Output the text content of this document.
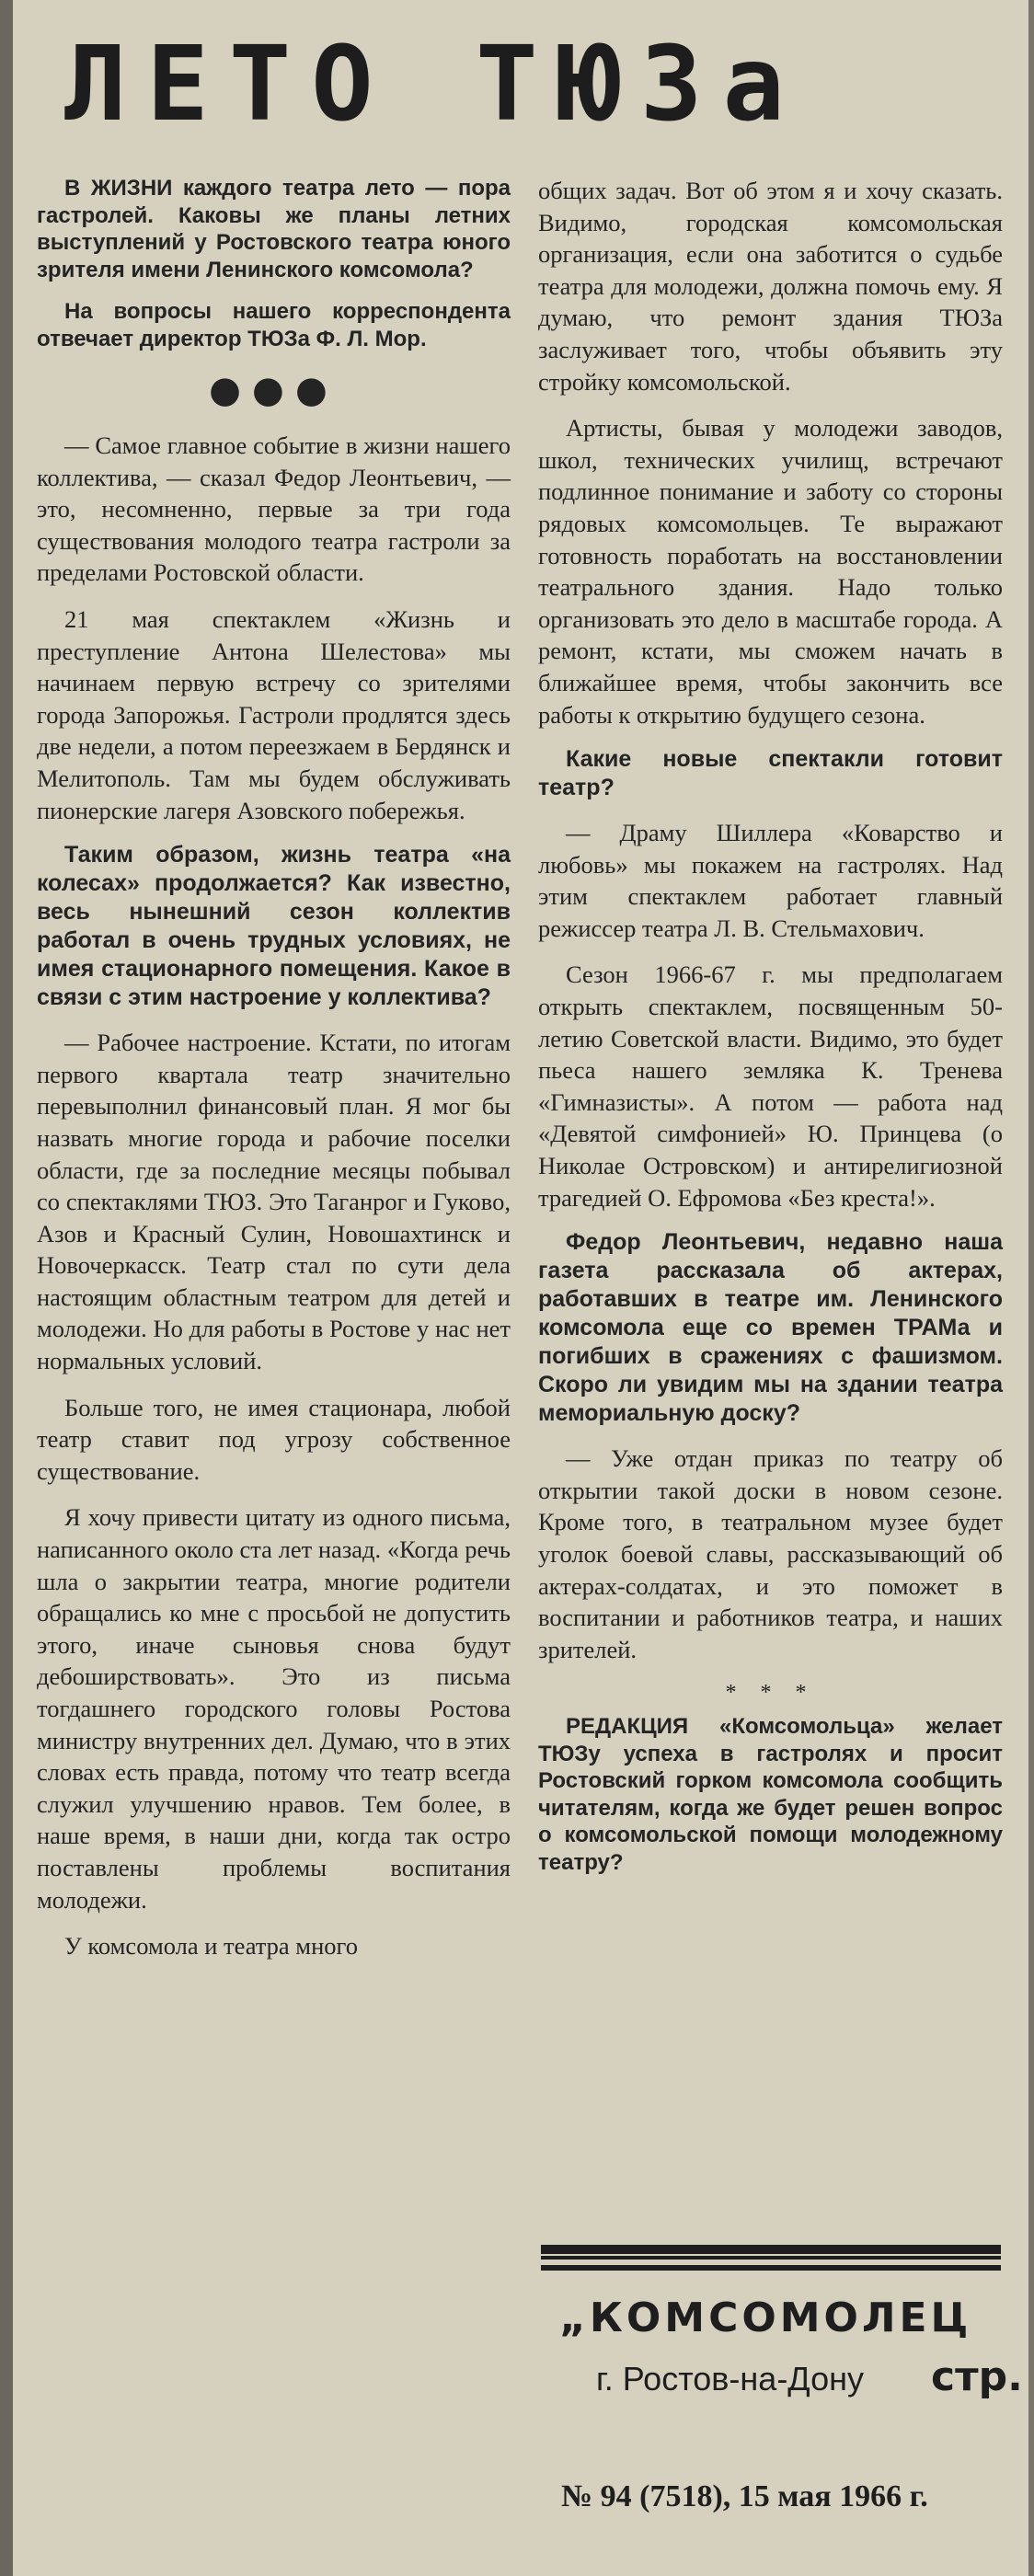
ЛЕТО ТЮЗа

В ЖИЗНИ каждого театра лето — пора гастролей. Каковы же планы летних выступлений у Ростовского театра юного зрителя имени Ленинского комсомола?

На вопросы нашего корреспондента отвечает директор ТЮЗа Ф. Л. Мор.

●●●

— Самое главное событие в жизни нашего коллектива, — сказал Федор Леонтьевич, — это, несомненно, первые за три года существования молодого театра гастроли за пределами Ростовской области.

21 мая спектаклем «Жизнь и преступление Антона Шелестова» мы начинаем первую встречу со зрителями города Запорожья. Гастроли продлятся здесь две недели, а потом переезжаем в Бердянск и Мелитополь. Там мы будем обслуживать пионерские лагеря Азовского побережья.

Таким образом, жизнь театра «на колесах» продолжается? Как известно, весь нынешний сезон коллектив работал в очень трудных условиях, не имея стационарного помещения. Какое в связи с этим настроение у коллектива?

— Рабочее настроение. Кстати, по итогам первого квартала театр значительно перевыполнил финансовый план. Я мог бы назвать многие города и рабочие поселки области, где за последние месяцы побывал со спектаклями ТЮЗ. Это Таганрог и Гуково, Азов и Красный Сулин, Новошахтинск и Новочеркасск. Театр стал по сути дела настоящим областным театром для детей и молодежи. Но для работы в Ростове у нас нет нормальных условий.

Больше того, не имея стационара, любой театр ставит под угрозу собственное существование.

Я хочу привести цитату из одного письма, написанного около ста лет назад. «Когда речь шла о закрытии театра, многие родители обращались ко мне с просьбой не допустить этого, иначе сыновья снова будут дебоширствовать». Это из письма тогдашнего городского головы Ростова министру внутренних дел. Думаю, что в этих словах есть правда, потому что театр всегда служил улучшению нравов. Тем более, в наше время, в наши дни, когда так остро поставлены проблемы воспитания молодежи.

У комсомола и театра много

общих задач. Вот об этом я и хочу сказать. Видимо, городская комсомольская организация, если она заботится о судьбе театра для молодежи, должна помочь ему. Я думаю, что ремонт здания ТЮЗа заслуживает того, чтобы объявить эту стройку комсомольской.

Артисты, бывая у молодежи заводов, школ, технических училищ, встречают подлинное понимание и заботу со стороны рядовых комсомольцев. Те выражают готовность поработать на восстановлении театрального здания. Надо только организовать это дело в масштабе города. А ремонт, кстати, мы сможем начать в ближайшее время, чтобы закончить все работы к открытию будущего сезона.

Какие новые спектакли готовит театр?

— Драму Шиллера «Коварство и любовь» мы покажем на гастролях. Над этим спектаклем работает главный режиссер театра Л. В. Стельмахович.

Сезон 1966-67 г. мы предполагаем открыть спектаклем, посвященным 50-летию Советской власти. Видимо, это будет пьеса нашего земляка К. Тренева «Гимназисты». А потом — работа над «Девятой симфонией» Ю. Принцева (о Николае Островском) и антирелигиозной трагедией О. Ефромова «Без креста!».

Федор Леонтьевич, недавно наша газета рассказала об актерах, работавших в театре им. Ленинского комсомола еще со времен ТРАМа и погибших в сражениях с фашизмом. Скоро ли увидим мы на здании театра мемориальную доску?

— Уже отдан приказ по театру об открытии такой доски в новом сезоне. Кроме того, в театральном музее будет уголок боевой славы, рассказывающий об актерах-солдатах, и это поможет в воспитании и работников театра, и наших зрителей.

* * *

РЕДАКЦИЯ «Комсомольца» желает ТЮЗу успеха в гастролях и просит Ростовский горком комсомола сообщить читателям, когда же будет решен вопрос о комсомольской помощи молодежному театру?

„КОМСОМОЛЕЦ
г. Ростов-на-Дону	стр.
№ 94 (7518), 15 мая 1966 г.
